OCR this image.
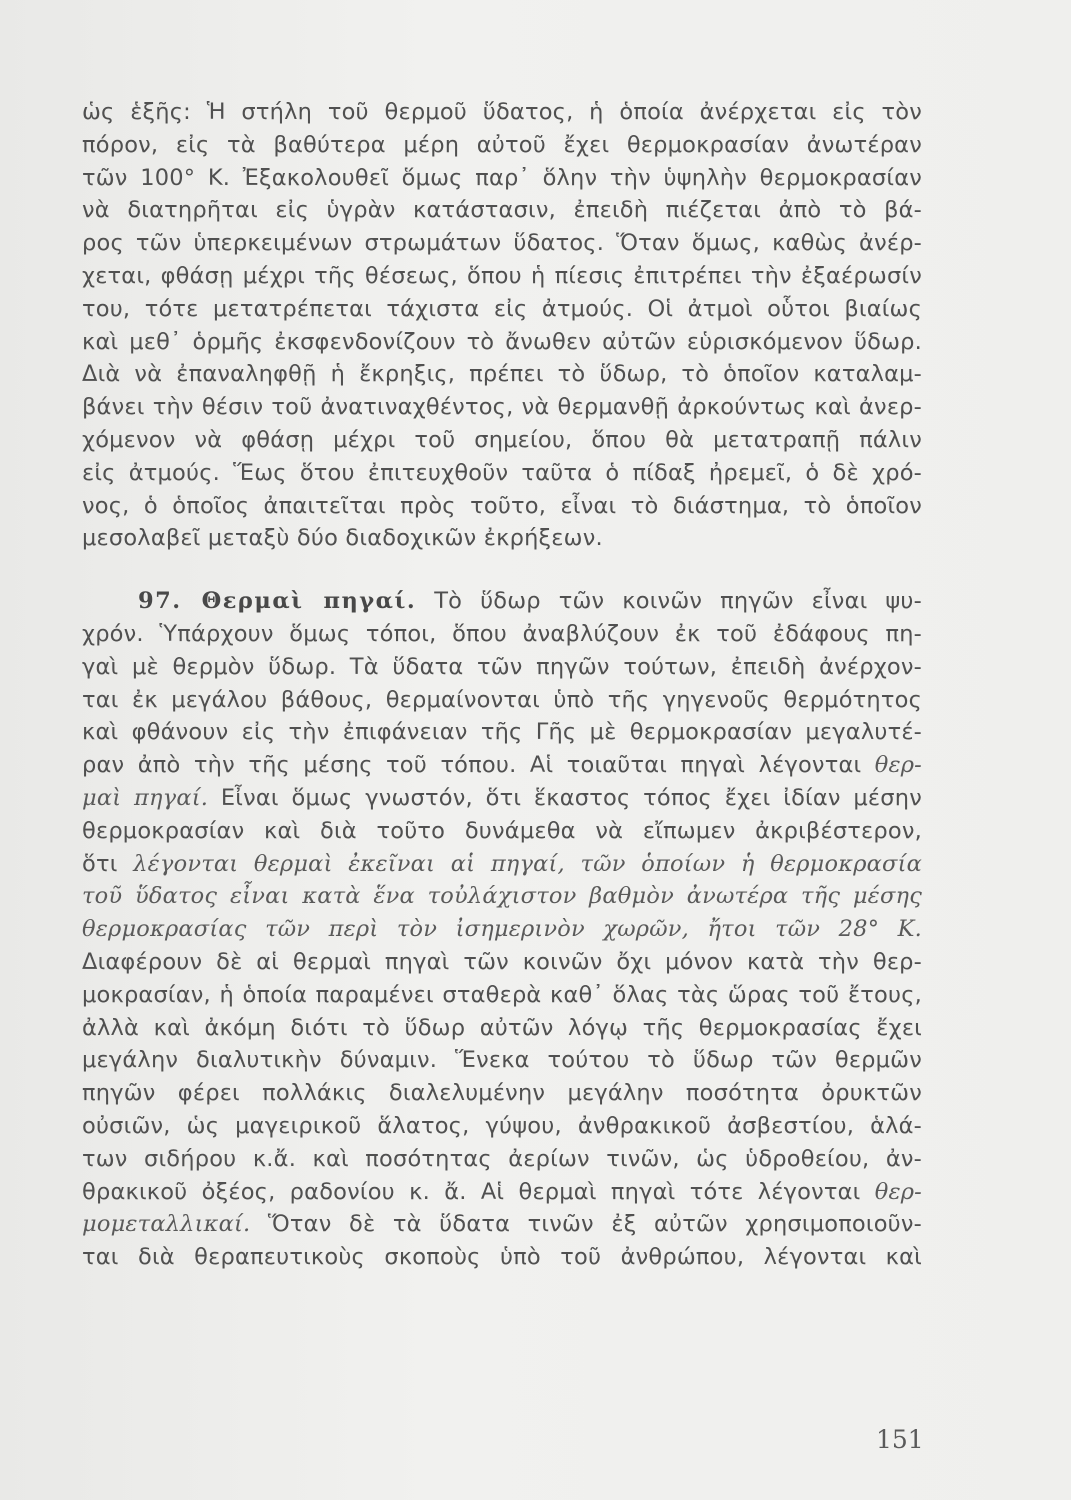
ὡς ἑξῆς: Ἡ στήλη τοῦ θερμοῦ ὕδατος, ἡ ὁποία ἀνέρχεται εἰς τὸν
πόρον, εἰς τὰ βαθύτερα μέρη αὐτοῦ ἔχει θερμοκρασίαν ἀνωτέραν
τῶν 100° Κ. Ἐξακολουθεῖ ὅμως παρ᾽ ὅλην τὴν ὑψηλὴν θερμοκρασίαν
νὰ διατηρῆται εἰς ὑγρὰν κατάστασιν, ἐπειδὴ πιέζεται ἀπὸ τὸ βά-
ρος τῶν ὑπερκειμένων στρωμάτων ὕδατος. Ὅταν ὅμως, καθὼς ἀνέρ-
χεται, φθάσῃ μέχρι τῆς θέσεως, ὅπου ἡ πίεσις ἐπιτρέπει τὴν ἐξαέρωσίν
του, τότε μετατρέπεται τάχιστα εἰς ἀτμούς. Οἱ ἀτμοὶ οὗτοι βιαίως
καὶ μεθ᾽ ὁρμῆς ἐκσφενδονίζουν τὸ ἄνωθεν αὐτῶν εὑρισκόμενον ὕδωρ.
Διὰ νὰ ἐπαναληφθῇ ἡ ἔκρηξις, πρέπει τὸ ὕδωρ, τὸ ὁποῖον καταλαμ-
βάνει τὴν θέσιν τοῦ ἀνατιναχθέντος, νὰ θερμανθῇ ἀρκούντως καὶ ἀνερ-
χόμενον νὰ φθάσῃ μέχρι τοῦ σημείου, ὅπου θὰ μετατραπῇ πάλιν
εἰς ἀτμούς. Ἕως ὅτου ἐπιτευχθοῦν ταῦτα ὁ πίδαξ ἠρεμεῖ, ὁ δὲ χρό-
νος, ὁ ὁποῖος ἀπαιτεῖται πρὸς τοῦτο, εἶναι τὸ διάστημα, τὸ ὁποῖον
μεσολαβεῖ μεταξὺ δύο διαδοχικῶν ἐκρήξεων.
97. Θερμαὶ πηγαί. Τὸ ὕδωρ τῶν κοινῶν πηγῶν εἶναι ψυ-
χρόν. Ὑπάρχουν ὅμως τόποι, ὅπου ἀναβλύζουν ἐκ τοῦ ἐδάφους πη-
γαὶ μὲ θερμὸν ὕδωρ. Τὰ ὕδατα τῶν πηγῶν τούτων, ἐπειδὴ ἀνέρχον-
ται ἐκ μεγάλου βάθους, θερμαίνονται ὑπὸ τῆς γηγενοῦς θερμότητος
καὶ φθάνουν εἰς τὴν ἐπιφάνειαν τῆς Γῆς μὲ θερμοκρασίαν μεγαλυτέ-
ραν ἀπὸ τὴν τῆς μέσης τοῦ τόπου. Αἱ τοιαῦται πηγαὶ λέγονται θερ-
μαὶ πηγαί. Εἶναι ὅμως γνωστόν, ὅτι ἕκαστος τόπος ἔχει ἰδίαν μέσην
θερμοκρασίαν καὶ διὰ τοῦτο δυνάμεθα νὰ εἴπωμεν ἀκριβέστερον,
ὅτι λέγονται θερμαὶ ἐκεῖναι αἱ πηγαί, τῶν ὁποίων ἡ θερμοκρασία
τοῦ ὕδατος εἶναι κατὰ ἕνα τοὐλάχιστον βαθμὸν ἀνωτέρα τῆς μέσης
θερμοκρασίας τῶν περὶ τὸν ἰσημερινὸν χωρῶν, ἤτοι τῶν 28° Κ.
Διαφέρουν δὲ αἱ θερμαὶ πηγαὶ τῶν κοινῶν ὄχι μόνον κατὰ τὴν θερ-
μοκρασίαν, ἡ ὁποία παραμένει σταθερὰ καθ᾽ ὅλας τὰς ὥρας τοῦ ἔτους,
ἀλλὰ καὶ ἀκόμη διότι τὸ ὕδωρ αὐτῶν λόγῳ τῆς θερμοκρασίας ἔχει
μεγάλην διαλυτικὴν δύναμιν. Ἕνεκα τούτου τὸ ὕδωρ τῶν θερμῶν
πηγῶν φέρει πολλάκις διαλελυμένην μεγάλην ποσότητα ὀρυκτῶν
οὐσιῶν, ὡς μαγειρικοῦ ἅλατος, γύψου, ἀνθρακικοῦ ἀσβεστίου, ἁλά-
των σιδήρου κ.ἄ. καὶ ποσότητας ἀερίων τινῶν, ὡς ὑδροθείου, ἀν-
θρακικοῦ ὀξέος, ραδονίου κ. ἄ. Αἱ θερμαὶ πηγαὶ τότε λέγονται θερ-
μομεταλλικαί. Ὅταν δὲ τὰ ὕδατα τινῶν ἐξ αὐτῶν χρησιμοποιοῦν-
ται διὰ θεραπευτικοὺς σκοποὺς ὑπὸ τοῦ ἀνθρώπου, λέγονται καὶ
151
